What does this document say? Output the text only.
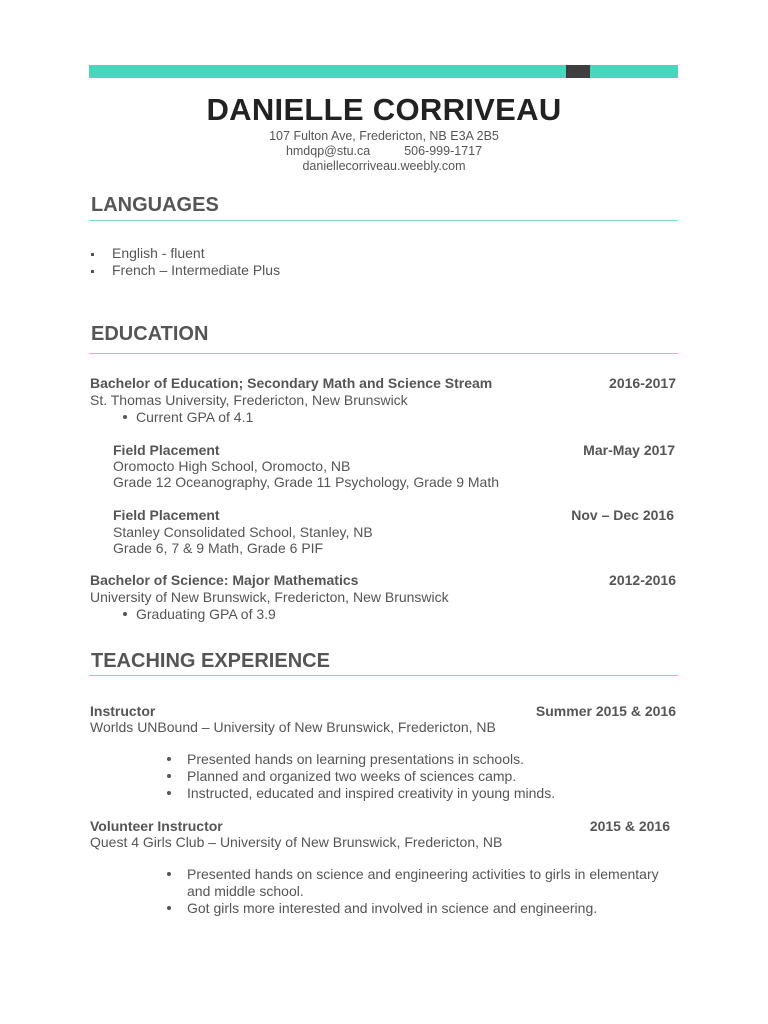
DANIELLE CORRIVEAU
107 Fulton Ave, Fredericton, NB E3A 2B5
hmdqp@stu.ca	506-999-1717
daniellecorriveau.weebly.com
LANGUAGES
English - fluent
French – Intermediate Plus
EDUCATION
Bachelor of Education; Secondary Math and Science Stream	2016-2017
St. Thomas University, Fredericton, New Brunswick
Current GPA of 4.1
Field Placement	Mar-May 2017
Oromocto High School, Oromocto, NB
Grade 12 Oceanography, Grade 11 Psychology, Grade 9 Math
Field Placement	Nov – Dec 2016
Stanley Consolidated School, Stanley, NB
Grade 6, 7 & 9 Math, Grade 6 PIF
Bachelor of Science: Major Mathematics	2012-2016
University of New Brunswick, Fredericton, New Brunswick
Graduating GPA of 3.9
TEACHING EXPERIENCE
Instructor	Summer 2015 & 2016
Worlds UNBound – University of New Brunswick, Fredericton, NB
Presented hands on learning presentations in schools.
Planned and organized two weeks of sciences camp.
Instructed, educated and inspired creativity in young minds.
Volunteer Instructor	2015 & 2016
Quest 4 Girls Club – University of New Brunswick, Fredericton, NB
Presented hands on science and engineering activities to girls in elementary
and middle school.
Got girls more interested and involved in science and engineering.
